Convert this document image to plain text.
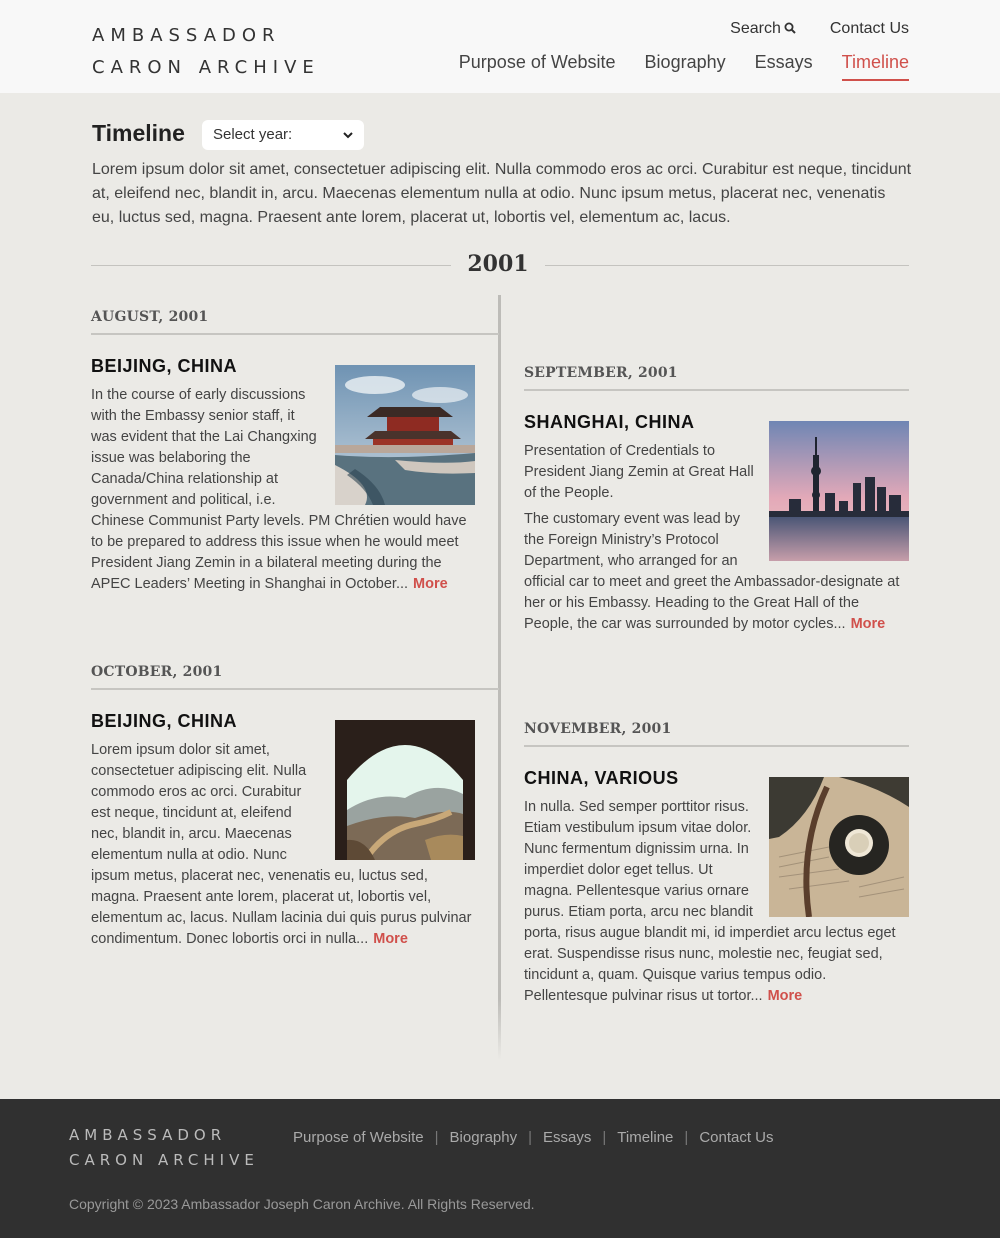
AMBASSADOR
CARON ARCHIVE
Search	Contact Us
Purpose of Website Biography Essays Timeline
Timeline	Select year:
Lorem ipsum dolor sit amet, consectetuer adipiscing elit. Nulla commodo eros ac orci. Curabitur est neque, tincidunt at, eleifend nec, blandit in, arcu. Maecenas elementum nulla at odio. Nunc ipsum metus, placerat nec, venenatis eu, luctus sed, magna. Praesent ante lorem, placerat ut, lobortis vel, elementum ac, lacus.
2001
AUGUST, 2001
BEIJING, CHINA

In the course of early discussions with the Embassy senior staff, it was evident that the Lai Changxing issue was belaboring the Canada/China relationship at government and political, i.e. Chinese Communist Party levels. PM Chrétien would have to be prepared to address this issue when he would meet President Jiang Zemin in a bilateral meeting during the APEC Leaders’ Meeting in Shanghai in October... More

SEPTEMBER, 2001
SHANGHAI, CHINA

Presentation of Credentials to President Jiang Zemin at Great Hall of the People.

The customary event was lead by the Foreign Ministry’s Protocol Department, who arranged for an official car to meet and greet the Ambassador-designate at her or his Embassy. Heading to the Great Hall of the People, the car was surrounded by motor cycles... More

OCTOBER, 2001
BEIJING, CHINA

Lorem ipsum dolor sit amet, consectetuer adipiscing elit. Nulla commodo eros ac orci. Curabitur est neque, tincidunt at, eleifend nec, blandit in, arcu. Maecenas elementum nulla at odio. Nunc ipsum metus, placerat nec, venenatis eu, luctus sed, magna. Praesent ante lorem, placerat ut, lobortis vel, elementum ac, lacus. Nullam lacinia dui quis purus pulvinar condimentum. Donec lobortis orci in nulla... More

NOVEMBER, 2001
CHINA, VARIOUS

In nulla. Sed semper porttitor risus. Etiam vestibulum ipsum vitae dolor. Nunc fermentum dignissim urna. In imperdiet dolor eget tellus. Ut magna. Pellentesque varius ornare purus. Etiam porta, arcu nec blandit porta, risus augue blandit mi, id imperdiet arcu lectus eget erat. Suspendisse risus nunc, molestie nec, feugiat sed, tincidunt a, quam. Quisque varius tempus odio. Pellentesque pulvinar risus ut tortor... More

AMBASSADOR
CARON ARCHIVE
Purpose of Website | Biography | Essays | Timeline | Contact Us
Copyright © 2023 Ambassador Joseph Caron Archive. All Rights Reserved.
